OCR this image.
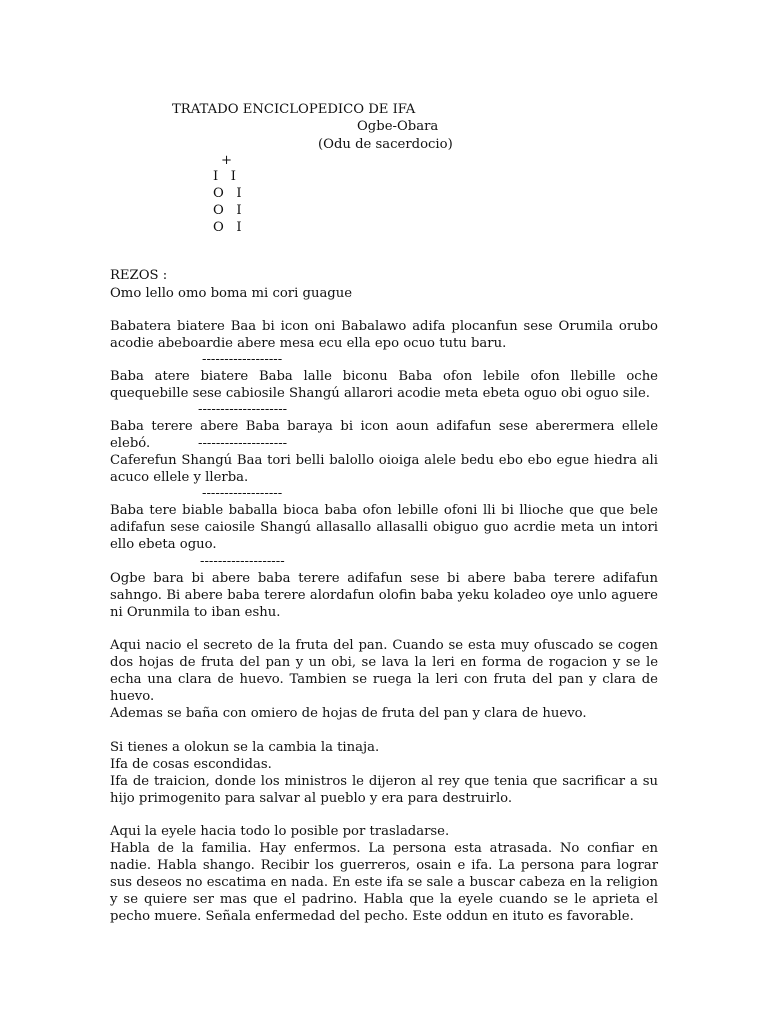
TRATADO ENCICLOPEDICO DE IFA
Ogbe-Obara
(Odu de sacerdocio)
+
I   I
O   I
O   I
O   I
REZOS :
Omo lello omo boma mi cori guague
Babatera biatere Baa bi icon oni Babalawo adifa plocanfun sese Orumila orubo acodie abeboardie abere mesa ecu ella epo ocuo tutu baru.
------------------
Baba atere biatere Baba lalle biconu Baba ofon lebile ofon llebille oche quequebille sese cabiosile Shangú allarori acodie meta ebeta oguo obi oguo sile.
--------------------
Baba terere abere Baba baraya bi icon aoun adifafun sese aberermera ellele elebó.	--------------------
Caferefun Shangú Baa tori belli balollo oioiga alele bedu ebo ebo egue hiedra ali acuco ellele y llerba.
------------------
Baba tere biable baballa bioca baba ofon lebille ofoni lli bi llioche que que bele adifafun sese caiosile Shangú allasallo allasalli obiguo guo acrdie meta un intori ello ebeta oguo.
-------------------
Ogbe bara bi abere baba terere adifafun sese bi abere baba terere adifafun sahngo. Bi abere baba terere alordafun olofin baba yeku koladeo oye unlo aguere ni Orunmila to iban eshu.
Aqui nacio el secreto de la fruta del pan. Cuando se esta muy ofuscado se cogen dos hojas de fruta del pan y un obi, se lava la leri en forma de rogacion y se le echa una clara de huevo. Tambien se ruega la leri con fruta del pan y clara de huevo.
Ademas se baña con omiero de hojas de fruta del pan y clara de huevo.
Si tienes a olokun se la cambia la tinaja.
Ifa de cosas escondidas.
Ifa de traicion, donde los ministros le dijeron al rey que tenia que sacrificar a su hijo primogenito para salvar al pueblo y era para destruirlo.
Aqui la eyele hacia todo lo posible por trasladarse.
Habla de la familia. Hay enfermos. La persona esta atrasada. No confiar en nadie. Habla shango. Recibir los guerreros, osain e ifa. La persona para lograr sus deseos no escatima en nada. En este ifa se sale a buscar cabeza en la religion y se quiere ser mas que el padrino. Habla que la eyele cuando se le aprieta el pecho muere. Señala enfermedad del pecho. Este oddun en ituto es favorable.
